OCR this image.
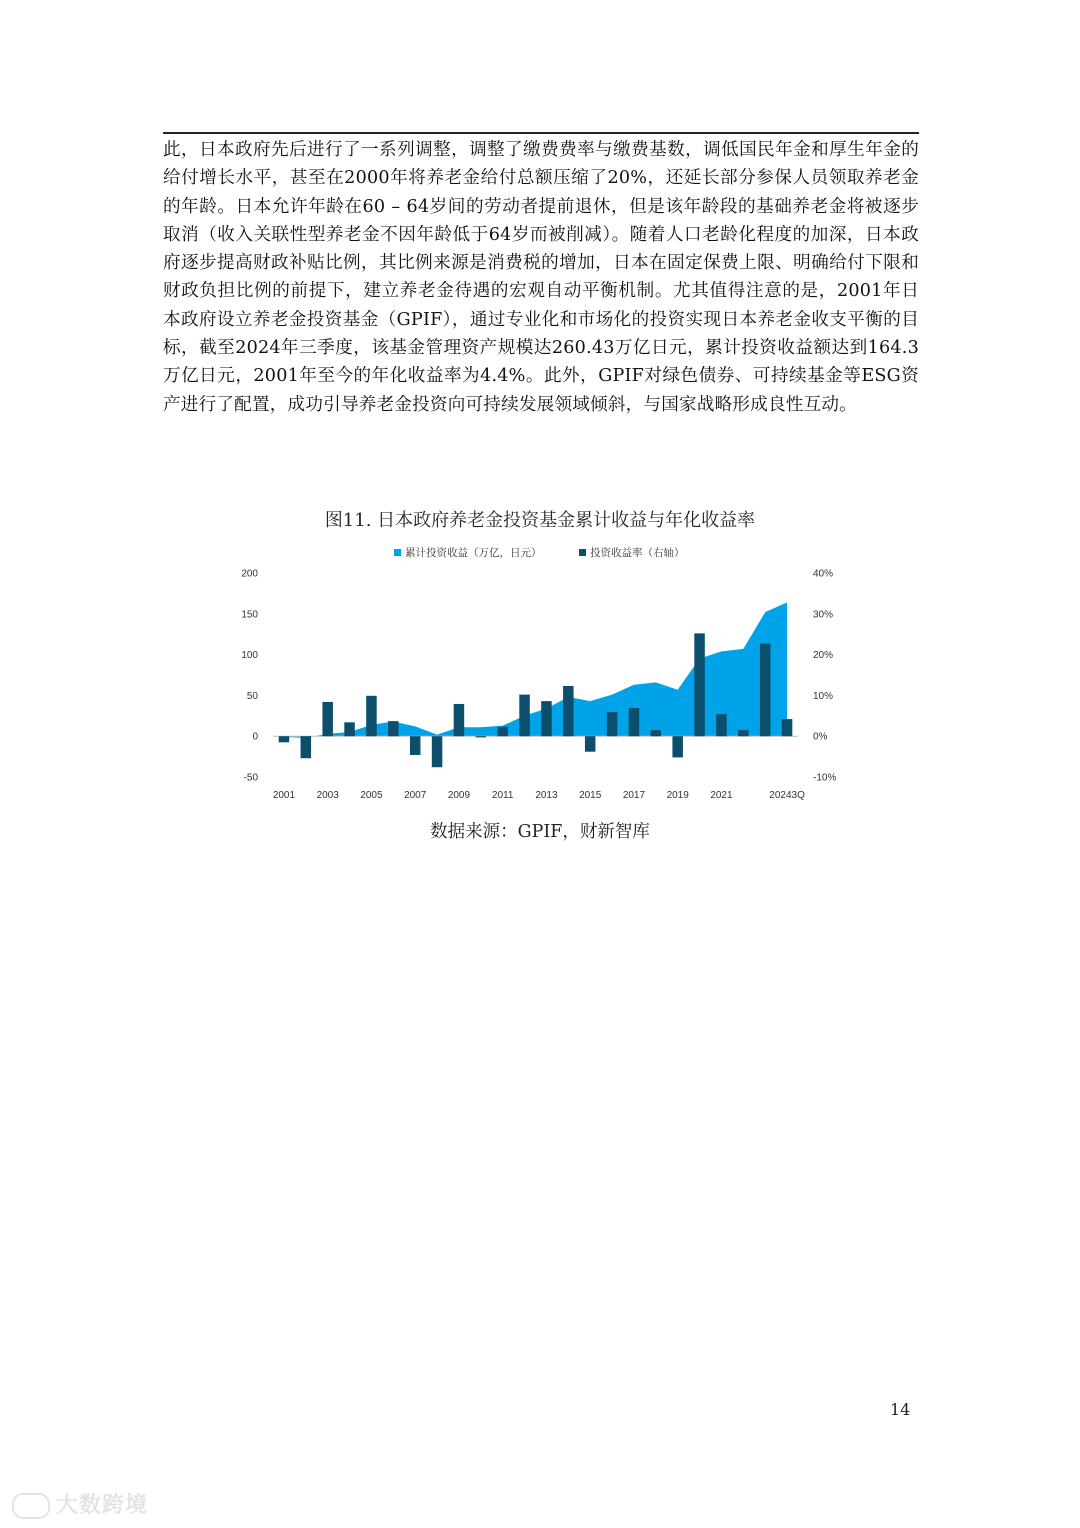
此，日本政府先后进行了一系列调整，调整了缴费费率与缴费基数，调低国民年金和厚生年金的给付增长水平，甚至在2000年将养老金给付总额压缩了20%，还延长部分参保人员领取养老金的年龄。日本允许年龄在60 – 64岁间的劳动者提前退休，但是该年龄段的基础养老金将被逐步取消（收入关联性型养老金不因年龄低于64岁而被削减）。随着人口老龄化程度的加深，日本政府逐步提高财政补贴比例，其比例来源是消费税的增加，日本在固定保费上限、明确给付下限和财政负担比例的前提下，建立养老金待遇的宏观自动平衡机制。尤其值得注意的是，2001年日本政府设立养老金投资基金（GPIF），通过专业化和市场化的投资实现日本养老金收支平衡的目标，截至2024年三季度，该基金管理资产规模达260.43万亿日元，累计投资收益额达到164.3万亿日元，2001年至今的年化收益率为4.4%。此外，GPIF对绿色债券、可持续基金等ESG资产进行了配置，成功引导养老金投资向可持续发展领域倾斜，与国家战略形成良性互动。
图11. 日本政府养老金投资基金累计收益与年化收益率
累计投资收益（万亿，日元）	投资收益率（右轴）
-50
0
50
100
150
200
-10%
0%
10%
20%
30%
40%
2001 2003 2005 2007 2009 2011 2013 2015 2017 2019 2021	20243Q
数据来源：GPIF，财新智库
14
大数跨境
